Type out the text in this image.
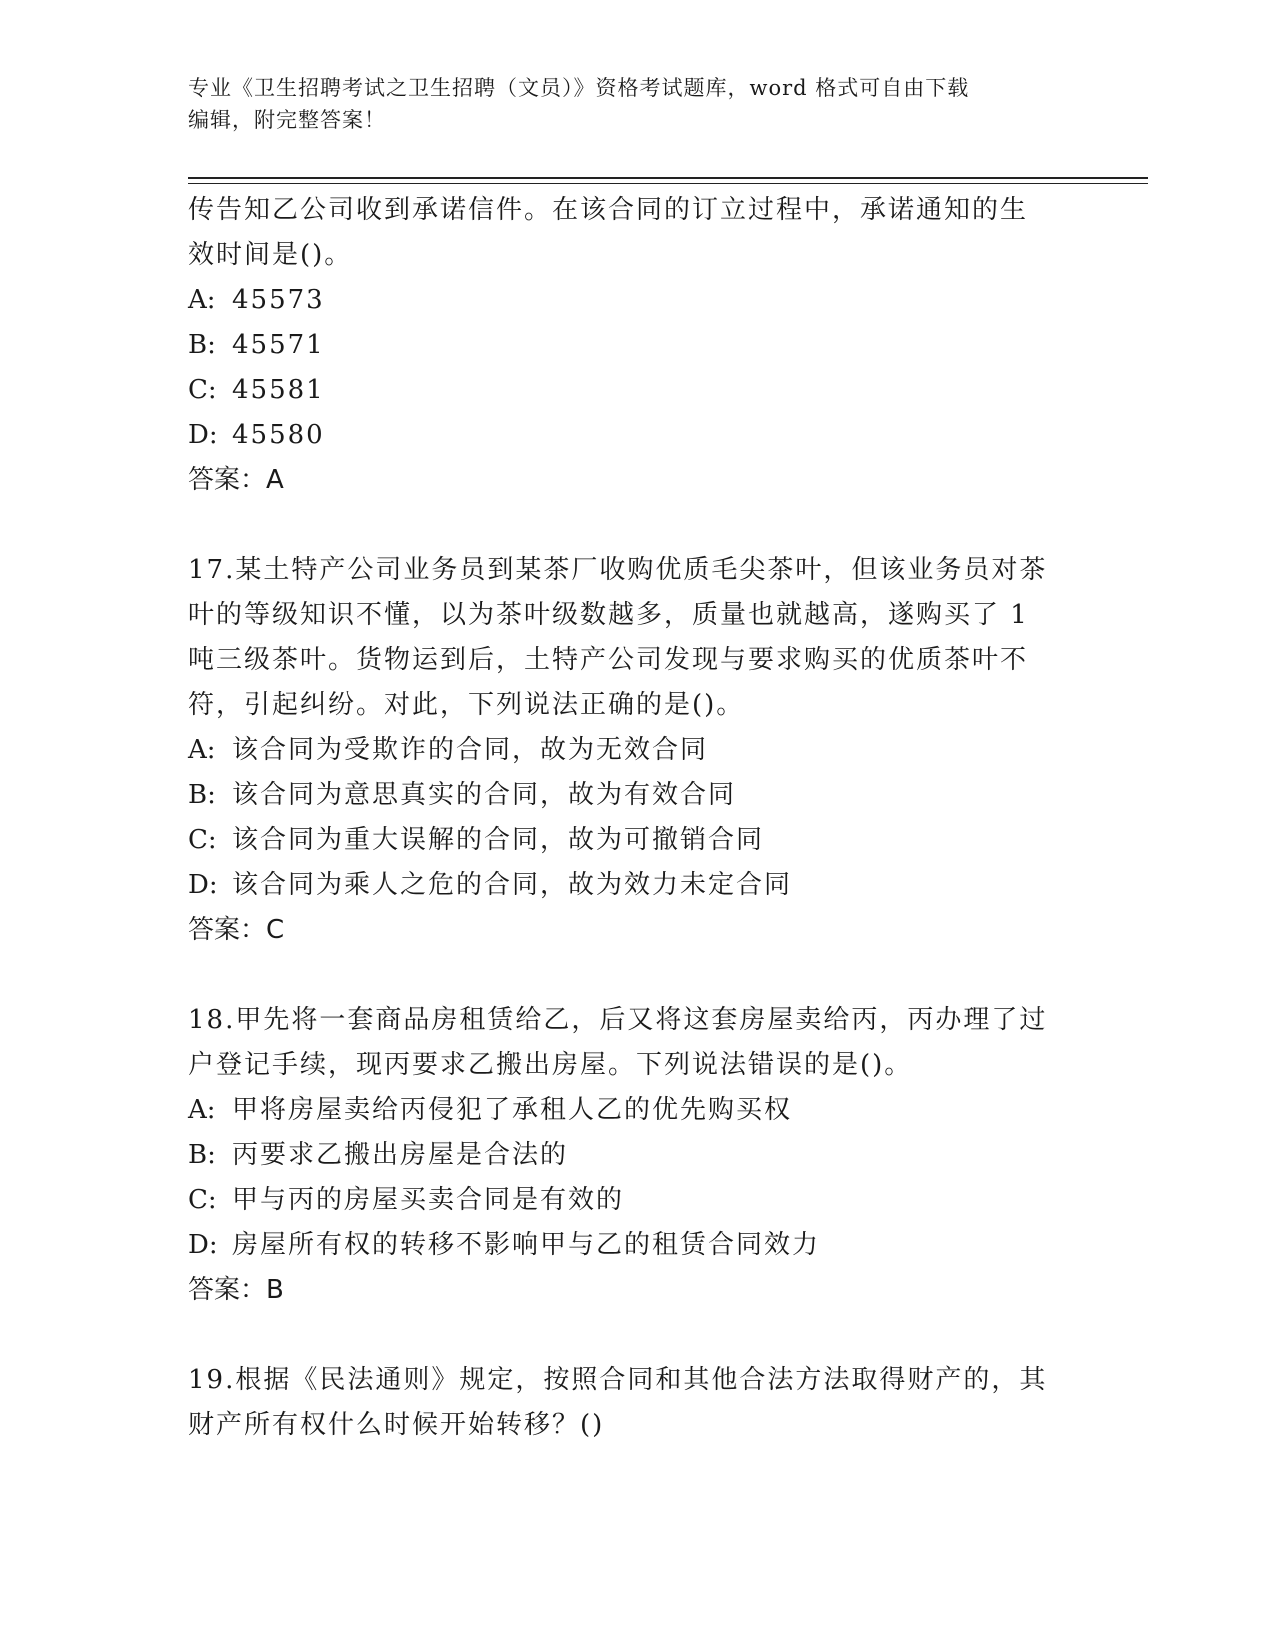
专业《卫生招聘考试之卫生招聘（文员）》资格考试题库，word 格式可自由下载
编辑，附完整答案！

传告知乙公司收到承诺信件。在该合同的订立过程中，承诺通知的生

效时间是()。

A: 45573

B: 45571

C: 45581

D: 45580

答案：A

17.某土特产公司业务员到某茶厂收购优质毛尖茶叶，但该业务员对茶

叶的等级知识不懂，以为茶叶级数越多，质量也就越高，遂购买了 1

吨三级茶叶。货物运到后，土特产公司发现与要求购买的优质茶叶不

符，引起纠纷。对此，下列说法正确的是()。

A: 该合同为受欺诈的合同，故为无效合同

B: 该合同为意思真实的合同，故为有效合同

C: 该合同为重大误解的合同，故为可撤销合同

D: 该合同为乘人之危的合同，故为效力未定合同

答案：C

18.甲先将一套商品房租赁给乙，后又将这套房屋卖给丙，丙办理了过

户登记手续，现丙要求乙搬出房屋。下列说法错误的是()。

A: 甲将房屋卖给丙侵犯了承租人乙的优先购买权

B: 丙要求乙搬出房屋是合法的

C: 甲与丙的房屋买卖合同是有效的

D: 房屋所有权的转移不影响甲与乙的租赁合同效力

答案：B

19.根据《民法通则》规定，按照合同和其他合法方法取得财产的，其

财产所有权什么时候开始转移？()
